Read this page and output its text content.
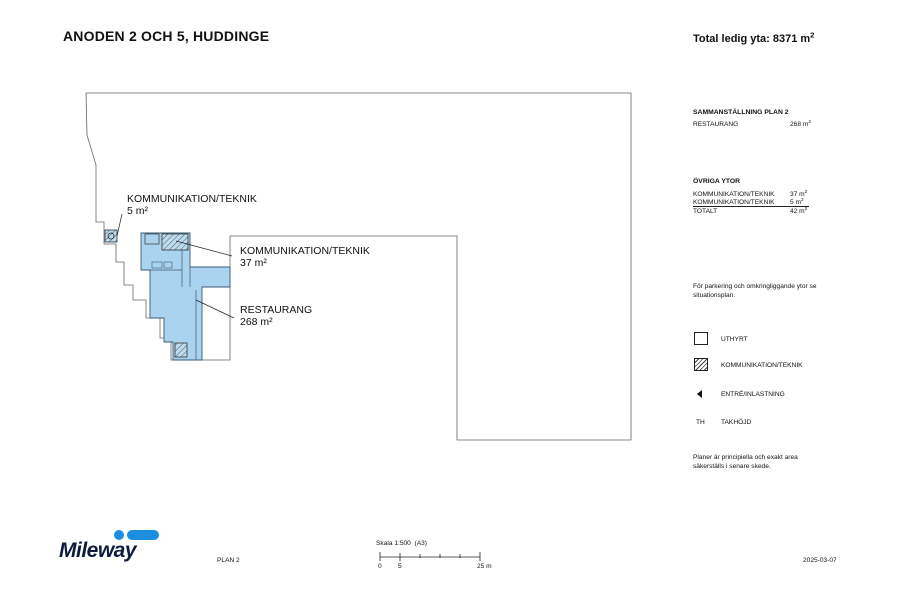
ANODEN 2 OCH 5, HUDDINGE	Total ledig yta: 8371 $m^2$
KOMMUNIKATION/TEKNIK
5 m²
KOMMUNIKATION/TEKNIK
37 m²
RESTAURANG
268 m²
SAMMANSTÄLLNING PLAN 2
RESTAURANG	268 $m^2$
ÖVRIGA YTOR
KOMMUNIKATION/TEKNIK 37 $m^2$
KOMMUNIKATION/TEKNIK	5 $m^2$
TOTALT	42 $m^2$
För parkering och omkringliggande ytor se situationsplan.
UTHYRT
KOMMUNIKATION/TEKNIK
ENTRÉ/INLASTNING
TH TAKHÖJD
Planer är principiella och exakt area säkerställs i senare skede.
Mileway	PLAN 2
Skala 1:500 (A3)
0 5	25 m
2025-03-07
